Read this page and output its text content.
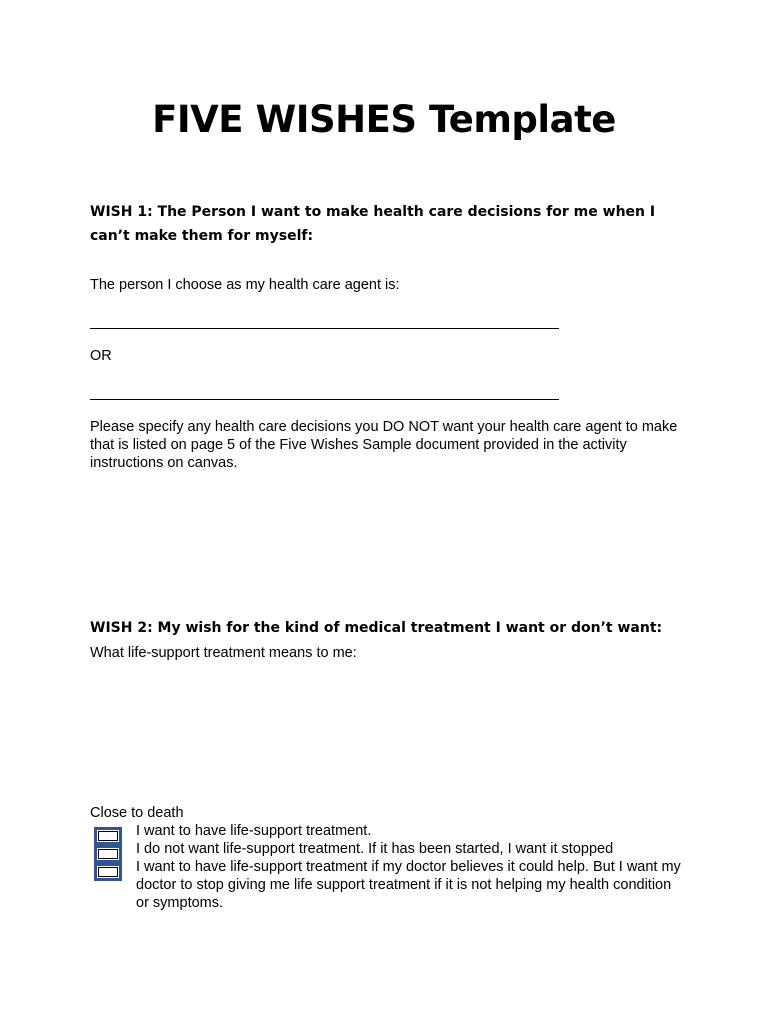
FIVE WISHES Template

WISH 1: The Person I want to make health care decisions for me when I can’t make them for myself:

The person I choose as my health care agent is:

OR

Please specify any health care decisions you DO NOT want your health care agent to make that is listed on page 5 of the Five Wishes Sample document provided in the activity instructions on canvas.

WISH 2: My wish for the kind of medical treatment I want or don’t want:

What life-support treatment means to me:

Close to death

I want to have life-support treatment.

I do not want life-support treatment. If it has been started, I want it stopped

I want to have life-support treatment if my doctor believes it could help. But I want my doctor to stop giving me life support treatment if it is not helping my health condition or symptoms.
